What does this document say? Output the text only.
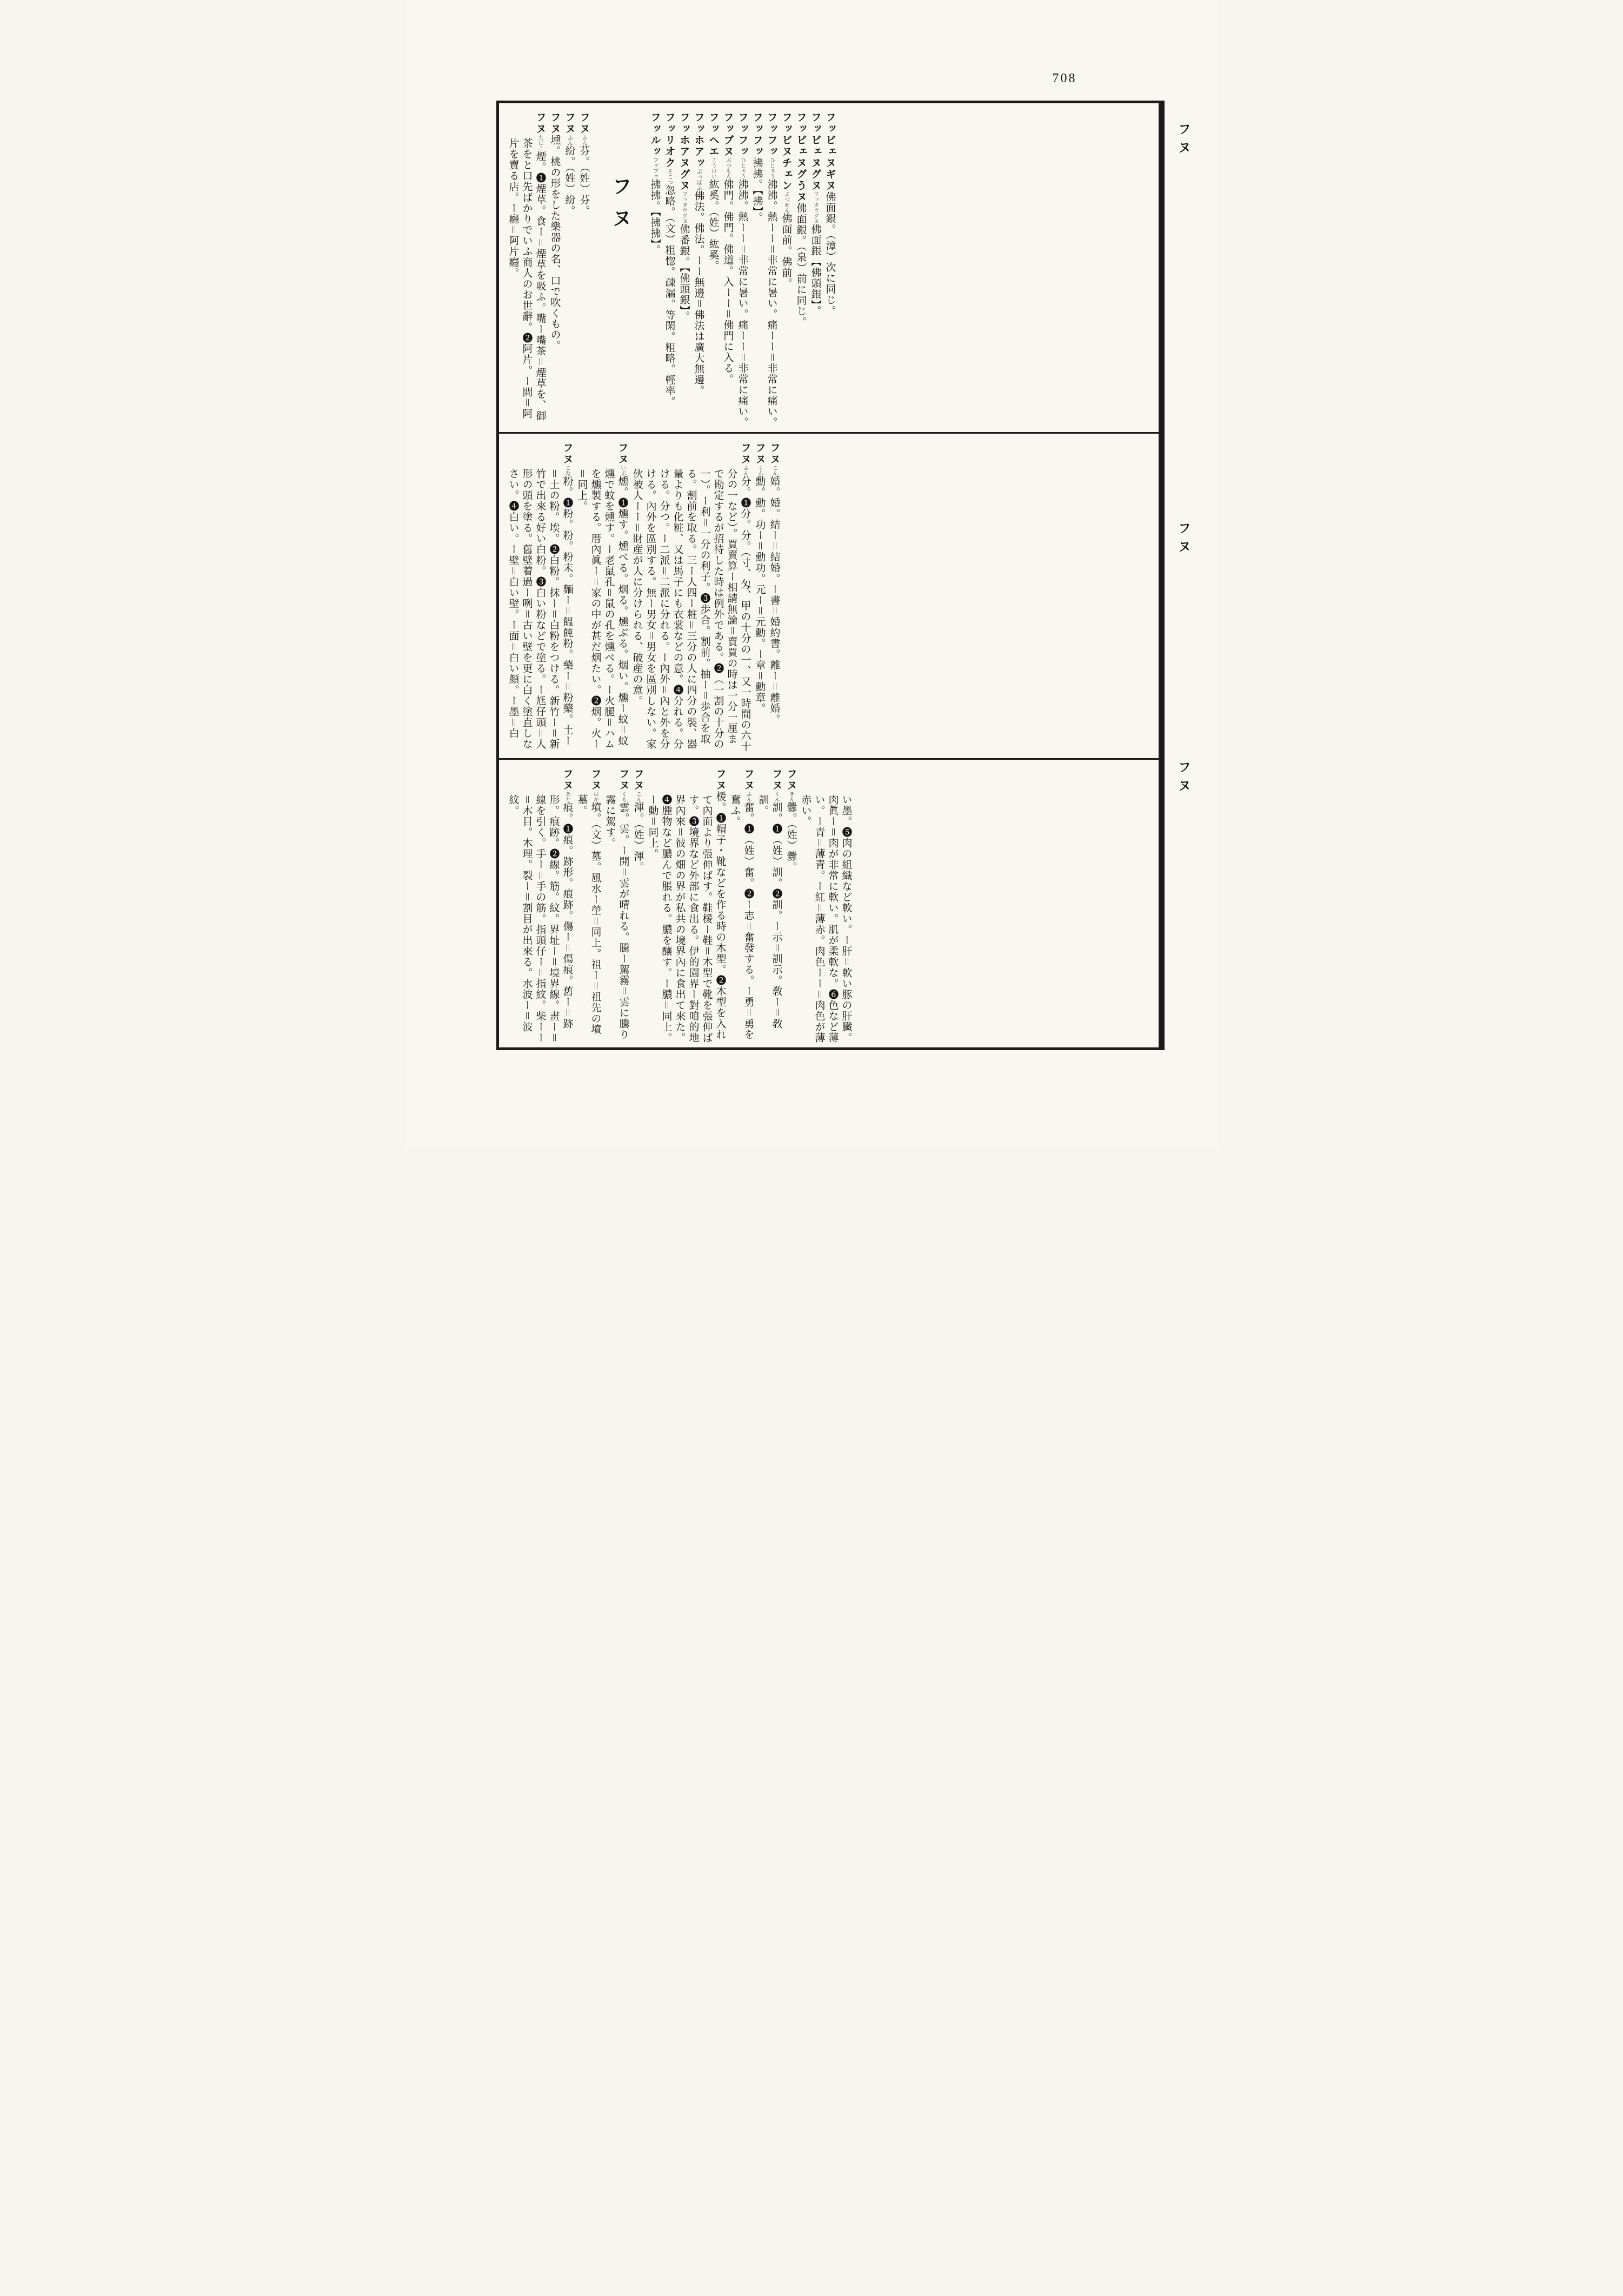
708
フッビェヌギヌ佛面銀。（漳）次に同じ。
フッビェヌグヌフッタウグヌ佛面銀【佛頭銀】。
フッビェヌグうヌ佛面銀。（泉）前に同じ。
フッビヌチェンぶつぜん佛面前。佛前。
フッフッひじゃう沸沸。熱ーー＝非常に暑い。痛ーー＝非常に痛い。
フッフッ拂拂。【拂】。
フッフッひじゃう沸沸。熱ーー＝非常に暑い。痛ーー＝非常に痛い。
フッブヌぶつもん佛門。佛門。佛道。入ーー＝佛門に入る。
フッヘエこうけい紘奚。（姓）紘奚。
フッホアッぶっぽふ佛法。佛法。ーー無邊＝佛法は廣大無邊。
フッホアヌグヌフッタウグヌ佛番銀。【佛頭銀】。
フッリオクそこつ忽略。（文）粗惚。疎漏。等閑。粗略。輕率。
フッルッフッフッ拂拂。【拂拂】。
フヌ
フヌふん芬。（姓）芬。
フヌふん紛。（姓）紛。
フヌ壎。桃の形をした樂器の名、口で吹くもの。
フヌたばこ煙。❶煙草。食ー＝煙草を吸ふ。嘴ー嘴茶＝煙草を、御茶をと口先ばかりでいふ商人のお世辭。❷阿片。ー間＝阿片を賣る店。ー癮＝阿片癮。
フヌこん婚。婚。結ー＝結婚。ー書＝婚約書。離ー＝離婚。
フヌくん勳。勳。功ー＝勳功。元ー＝元勳。ー章＝勳章。
フヌふん分。❶分。分。（寸、匁、甲の十分の一、又一時間の六十分の一など）。買賣算ー相請無論＝賣買の時は一分一厘まで勘定するが招待した時は例外である。❷（一割の十分の一）。ー利＝一分の利子。❸歩合。割前。抽ー＝歩合を取る。割前を取る。三ー人四ー粧＝三分の人に四分の裝、器量よりも化粧、又は馬子にも衣裳などの意。❹分れる。分ける。分つ。ー二派＝二派に分れる。ー內外＝內と外を分ける。內外を區別する。無ー男女＝男女を區別しない。家伙被人ーー＝財産が人に分けられる、破産の意。
フヌいぶ燻。❶燻す。燻べる。烟る。燻ぶる。烟い。燻ー蚊＝蚊燻で蚊を燻す。ー老鼠孔＝鼠の孔を燻べる。ー火腿＝ハムを燻製する。厝內眞ー＝家の中が甚だ烟たい。❷烟。火ー＝同上。
フヌこな粉。❶粉。粉。粉末。麵ー＝饂飩粉。藥ー＝粉藥。土ー＝土の粉。埃。❷白粉。抹ー＝白粉をつける。新竹ー＝新竹で出來る好い白粉。❸白い粉などで塗る。ー尪仔頭＝人形の頭を塗る。舊壁着過ー咧＝古い壁を更に白く塗直しなさい。❹白い。ー壁＝白い壁。ー面＝白い顏。ー墨＝白
い墨。❺肉の組織など軟い。ー肝＝軟い豚の肝臟。肉眞ー＝肉が非常に軟い。肌が柔軟な。❻色など薄い。ー青＝薄青。ー紅＝薄赤。肉色ーー＝肉色が薄赤い。
フヌきん釁。（姓）釁。
フヌくん訓。❶（姓）訓。❷訓。ー示＝訓示。敎ー＝敎訓。
フヌふん奮。❶（姓）奮。❷ー志＝奮發する。ー勇＝勇を奮ふ。
フヌ楥。❶帽子・靴などを作る時の木型。❷木型を入れて內面より張伸ばす。鞋楥ー鞋＝木型で靴を張伸ばす。❸境界など外部に食出る。伊的園界ー對咱的地界內來＝彼の畑の界が私共の境界內に食出て來た。❹腫物など膿んで脹れる。膿を釀す。ー膿＝同上。ー動＝同上。
フヌこん渾。（姓）渾。
フヌくも雲。雲。ー開＝雲が晴れる。騰ー駕霧＝雲に騰り霧に駕す。
フヌはか墳。（文）墓。風水ー塋＝同上。祖ー＝祖先の墳墓。
フヌあと痕。❶痕。跡形。痕跡。傷ー＝傷痕。舊ー＝跡形。痕跡。❷線。筋。紋。界址ー＝境界線。畫ー＝線を引く。手ー＝手の筋。指頭仔ー＝指紋。柴ーー＝木目。木理。裂ー＝割目が出來る。水波ー＝波紋。
フヌ
フヌ
フヌ
